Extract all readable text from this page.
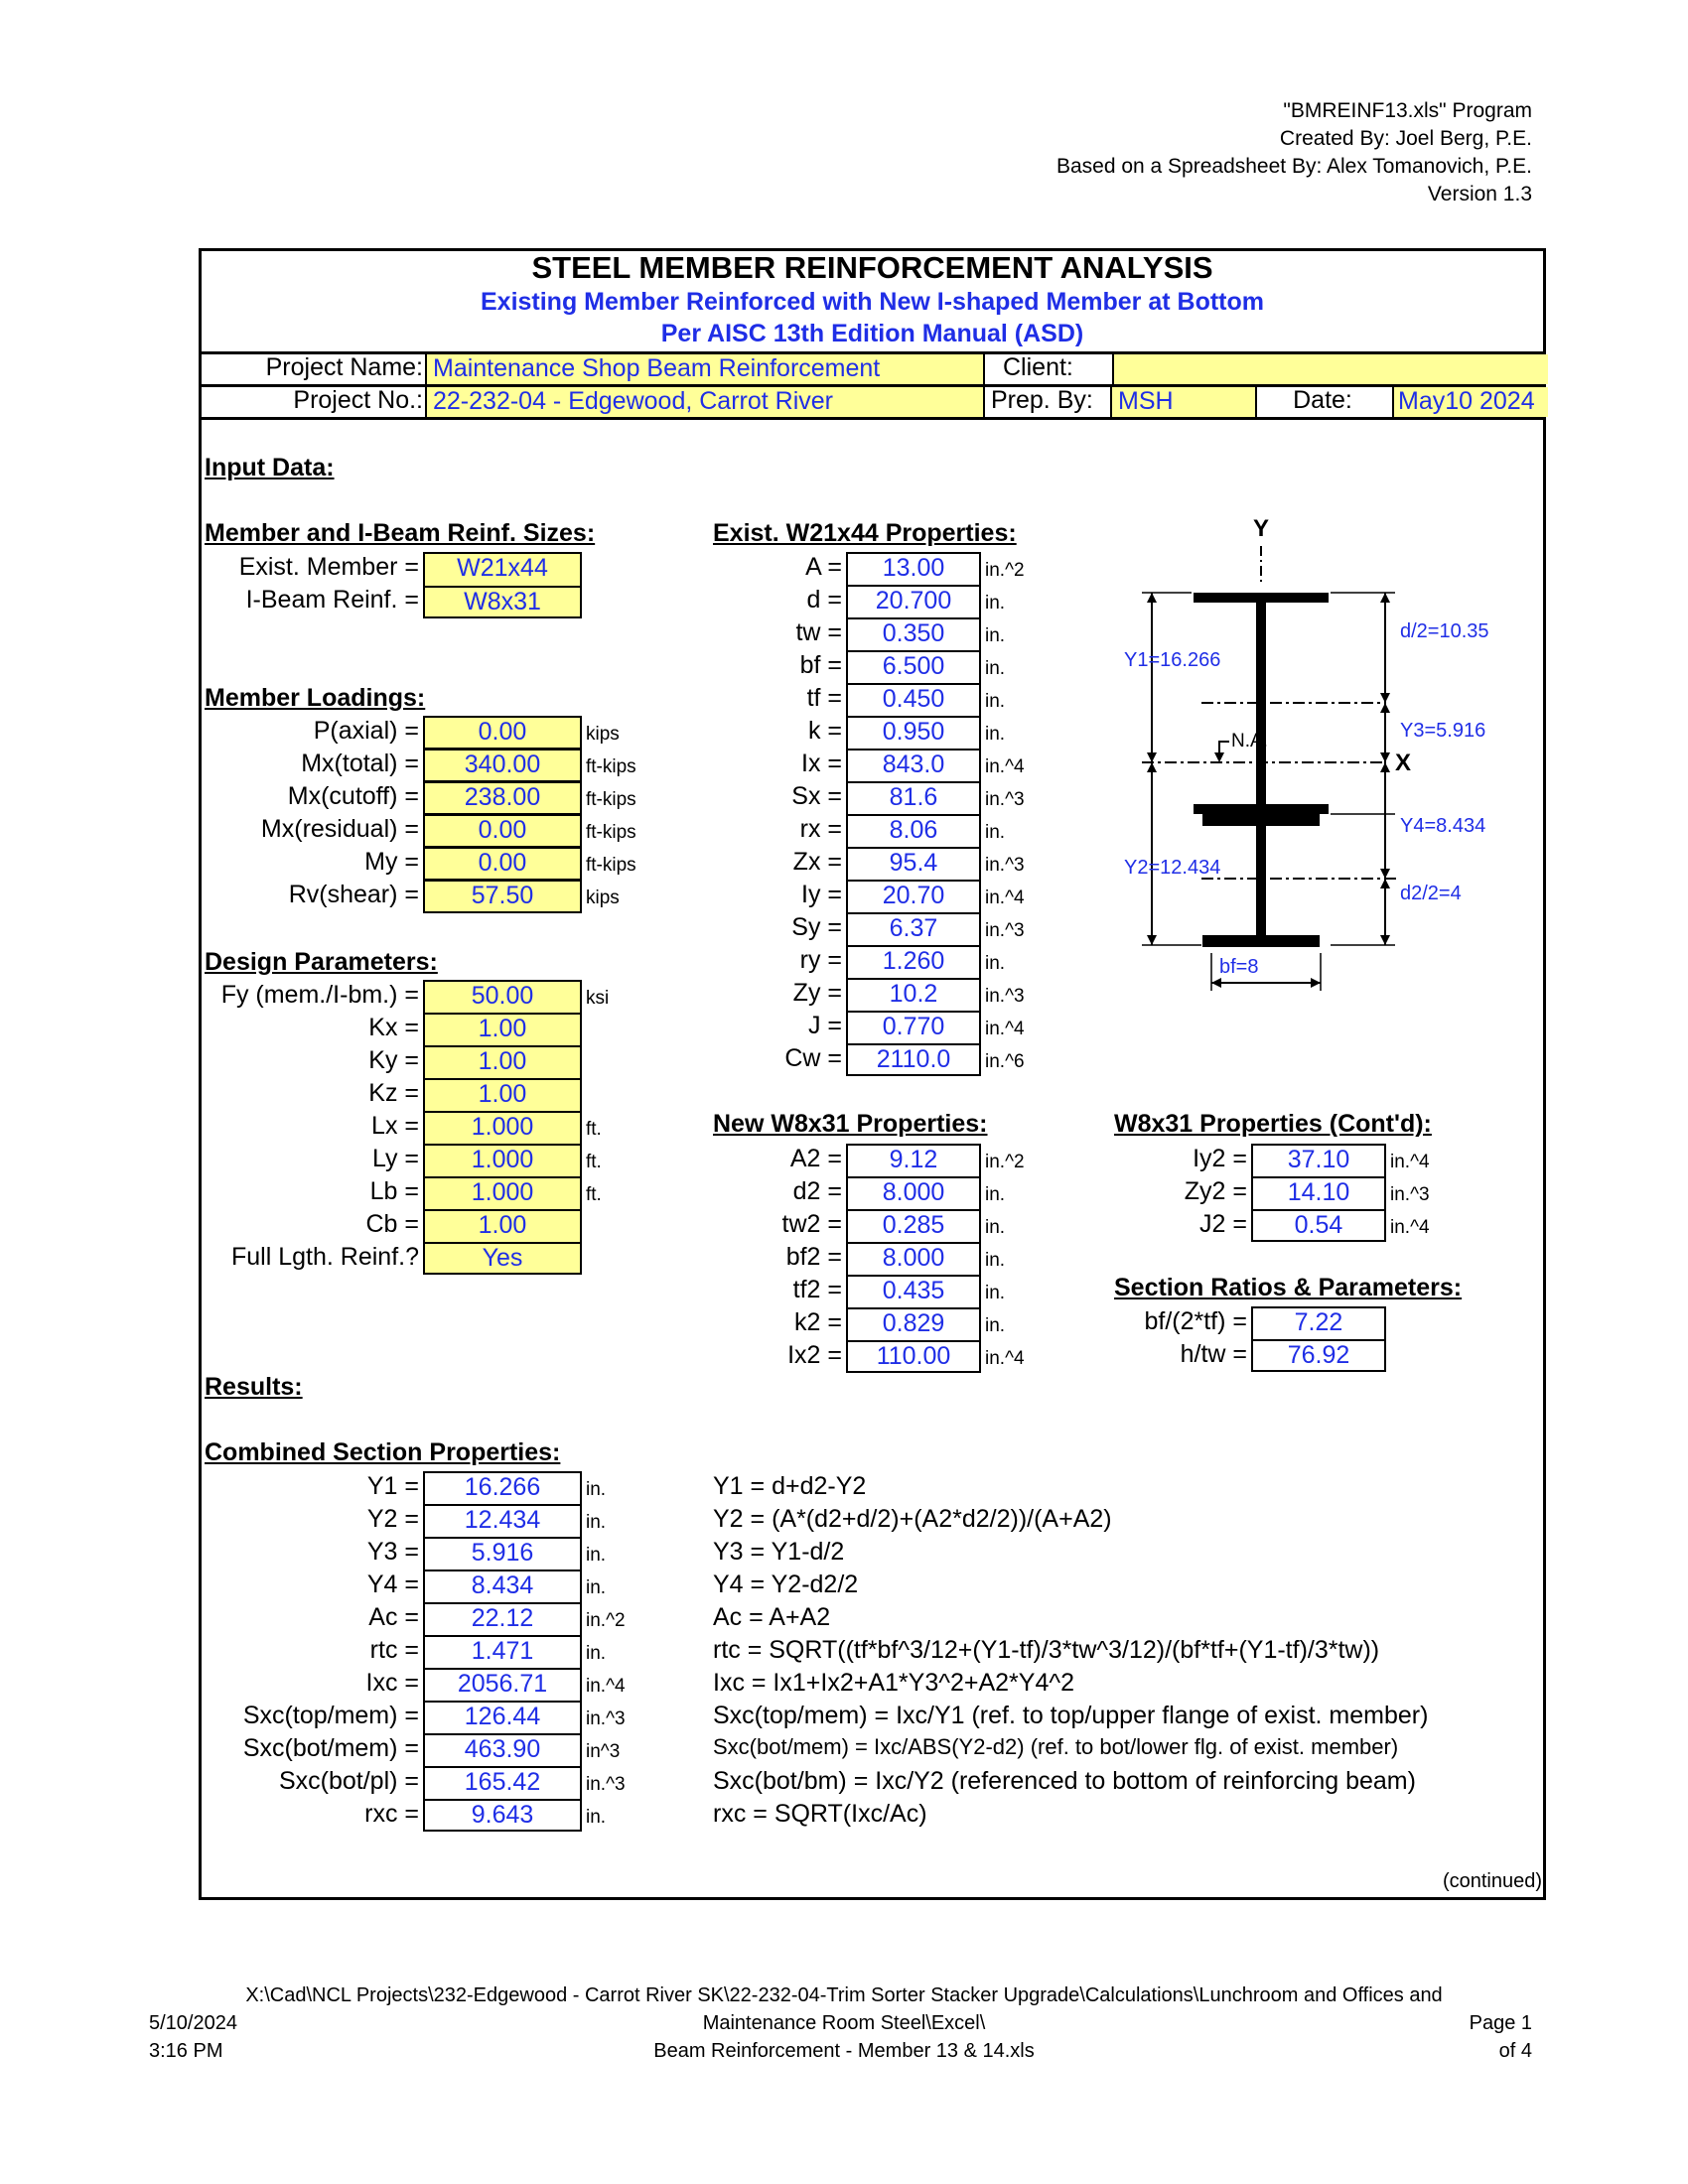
"BMREINF13.xls" Program
Created By: Joel Berg, P.E.
Based on a Spreadsheet By: Alex Tomanovich, P.E.
Version 1.3
STEEL MEMBER REINFORCEMENT ANALYSIS
Existing Member Reinforced with New I-shaped Member at Bottom
Per AISC 13th Edition Manual (ASD)
Project Name: Maintenance Shop Beam Reinforcement	Client:
Project No.: 22-232-04 - Edgewood, Carrot River	Prep. By: MSH	Date:	May10 2024
Input Data:
Member and I-Beam Reinf. Sizes:
Member Loadings:
Design Parameters:
Exist. W21x44 Properties:
New W8x31 Properties:	W8x31 Properties (Cont'd):
Section Ratios & Parameters:
Results:
Combined Section Properties:
Exist. Member =	W21x44
I-Beam Reinf. =	W8x31
P(axial) =	0.00	kips
Mx(total) =	340.00	ft-kips
Mx(cutoff) =	238.00	ft-kips
Mx(residual) =	0.00	ft-kips
My =	0.00	ft-kips
Rv(shear) =	57.50	kips
Fy (mem./I-bm.) =	50.00	ksi
Kx =	1.00
Ky =	1.00
Kz =	1.00
Lx =	1.000	ft.
Ly =	1.000	ft.
Lb =	1.000	ft.
Cb =	1.00
Full Lgth. Reinf.?	Yes
A =	13.00	in.^2
d =	20.700	in.
tw =	0.350	in.
bf =	6.500	in.
tf =	0.450	in.
k =	0.950	in.
Ix =	843.0	in.^4
Sx =	81.6	in.^3
rx =	8.06	in.
Zx =	95.4	in.^3
Iy =	20.70	in.^4
Sy =	6.37	in.^3
ry =	1.260	in.
Zy =	10.2	in.^3
J =	0.770	in.^4
Cw =	2110.0	in.^6
A2 =	9.12	in.^2
d2 =	8.000	in.
tw2 =	0.285	in.
bf2 =	8.000	in.
tf2 =	0.435	in.
k2 =	0.829	in.
Ix2 =	110.00	in.^4
Iy2 =	37.10	in.^4
Zy2 =	14.10	in.^3
J2 =	0.54	in.^4
bf/(2*tf) =	7.22
h/tw =	76.92
Y1 =	16.266	in.	Y1 = d+d2-Y2
Y2 =	12.434	in.	Y2 = (A*(d2+d/2)+(A2*d2/2))/(A+A2)
Y3 =	5.916	in.	Y3 = Y1-d/2
Y4 =	8.434	in.	Y4 = Y2-d2/2
Ac =	22.12	in.^2	Ac = A+A2
rtc =	1.471	in.	rtc = SQRT((tf*bf^3/12+(Y1-tf)/3*tw^3/12)/(bf*tf+(Y1-tf)/3*tw))
Ixc =	2056.71	in.^4	Ixc = Ix1+Ix2+A1*Y3^2+A2*Y4^2
Sxc(top/mem) =	126.44	in.^3	Sxc(top/mem) = Ixc/Y1 (ref. to top/upper flange of exist. member)
Sxc(bot/mem) =	463.90	in^3	Sxc(bot/mem) = Ixc/ABS(Y2-d2) (ref. to bot/lower flg. of exist. member)
Sxc(bot/pl) =	165.42	in.^3	Sxc(bot/bm) = Ixc/Y2 (referenced to bottom of reinforcing beam)
rxc =	9.643	in.	rxc = SQRT(Ixc/Ac)
Y
X
N.A.
Y1=16.266
Y2=12.434
d/2=10.35
Y3=5.916
Y4=8.434
d2/2=4
bf=8
(continued)
X:\Cad\NCL Projects\232-Edgewood - Carrot River SK\22-232-04-Trim Sorter Stacker Upgrade\Calculations\Lunchroom and Offices and
Maintenance Room Steel\Excel\
Beam Reinforcement - Member 13 & 14.xls
5/10/2024
3:16 PM
Page 1
of 4
